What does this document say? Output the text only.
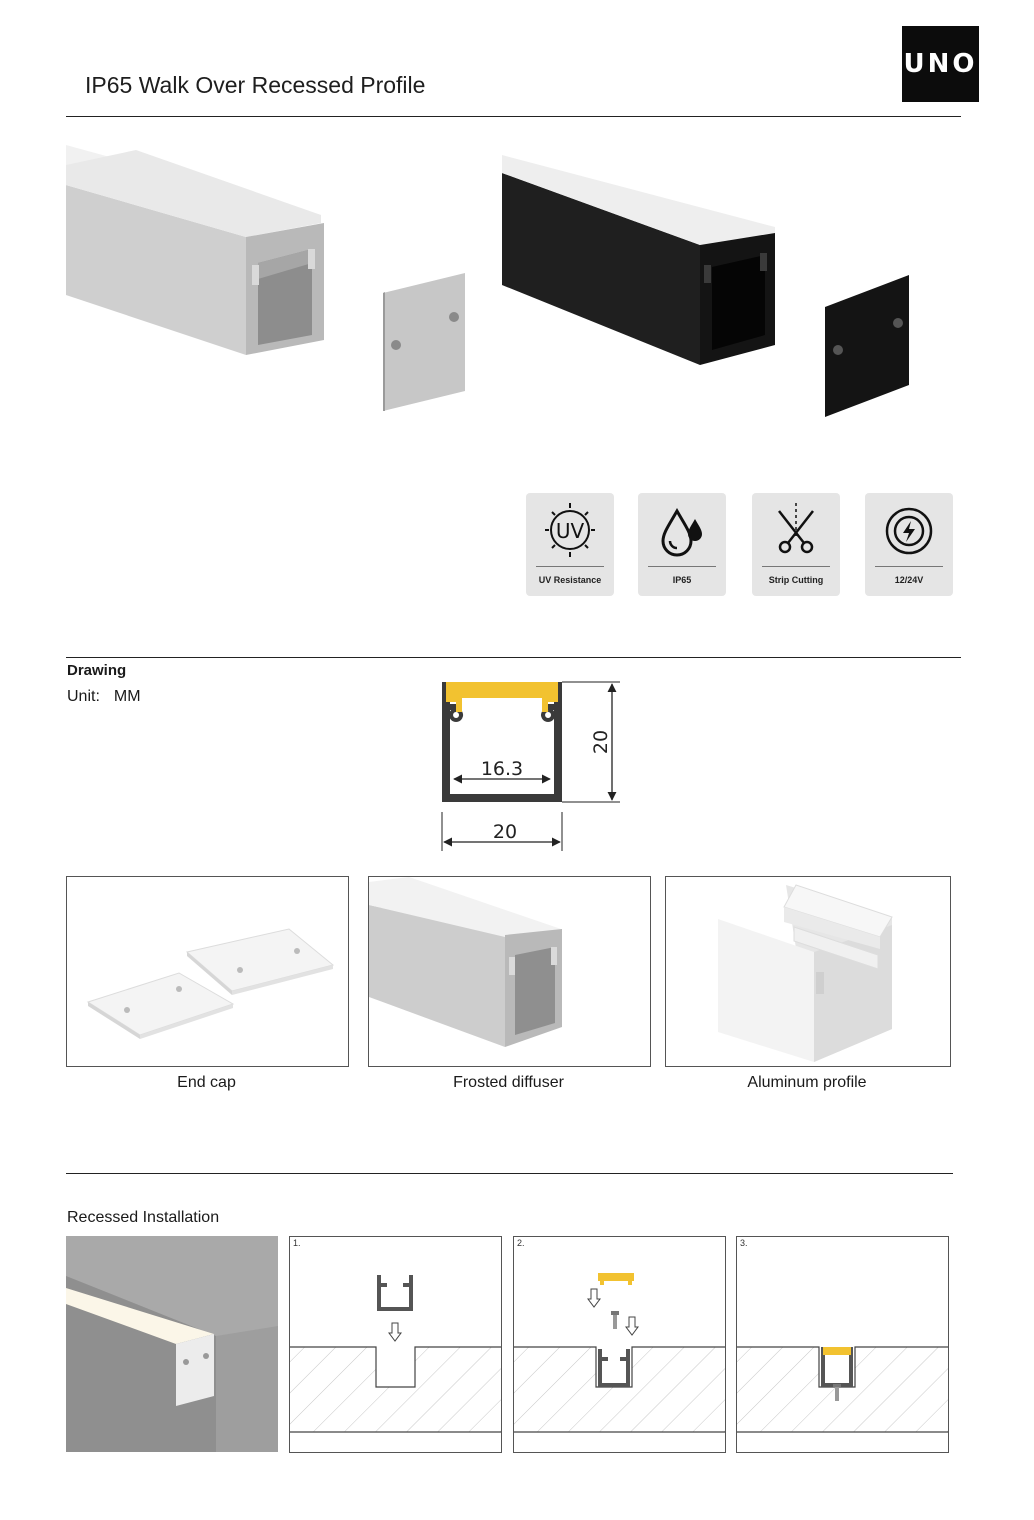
IP65 Walk Over Recessed Profile
UNO
UV
UV Resistance	IP65	Strip Cutting	12/24V
Drawing
Unit: MM
16.3
20
20
End cap	Frosted diffuser	Aluminum profile
Recessed Installation
1.	2.	3.
